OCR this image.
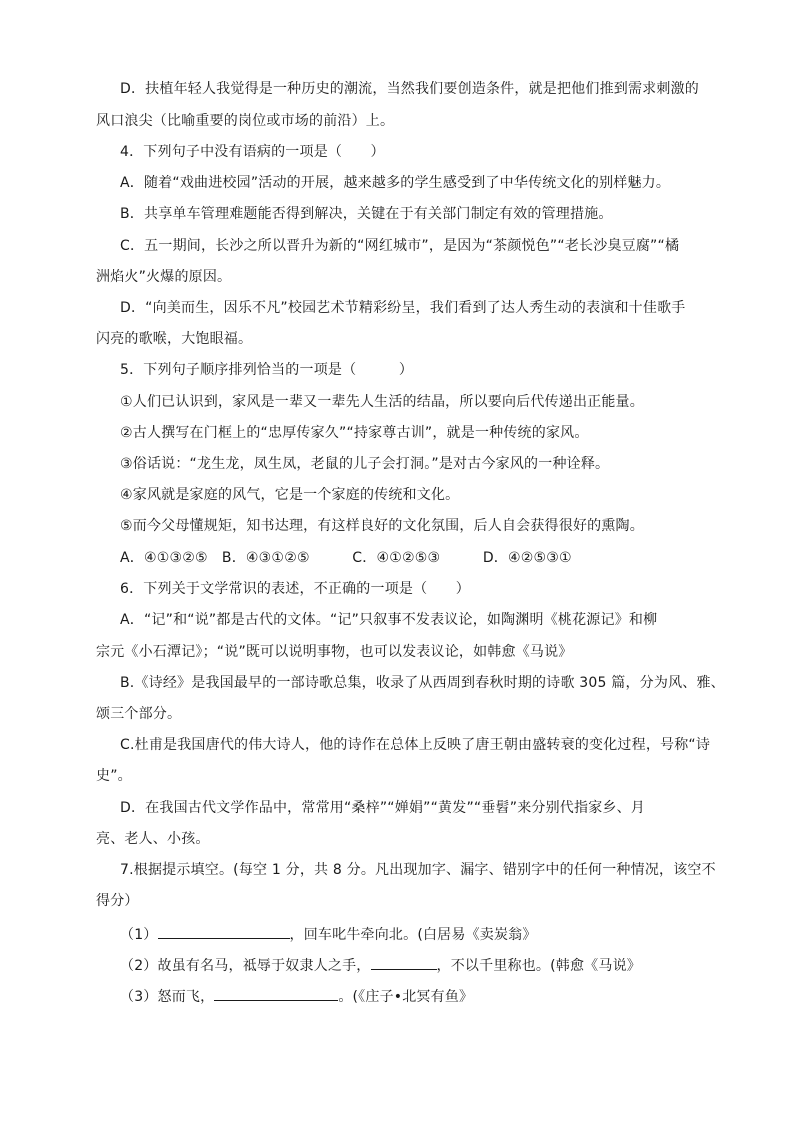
D．扶植年轻人我觉得是一种历史的潮流，当然我们要创造条件，就是把他们推到需求刺激的
风口浪尖（比喻重要的岗位或市场的前沿）上。
4．下列句子中没有语病的一项是（　　）
A．随着“戏曲进校园”活动的开展，越来越多的学生感受到了中华传统文化的别样魅力。
B．共享单车管理难题能否得到解决，关键在于有关部门制定有效的管理措施。
C．五一期间，长沙之所以晋升为新的“网红城市”，是因为“茶颜悦色”“老长沙臭豆腐”“橘
洲焰火”火爆的原因。
D．“向美而生，因乐不凡”校园艺术节精彩纷呈，我们看到了达人秀生动的表演和十佳歌手
闪亮的歌喉，大饱眼福。
5．下列句子顺序排列恰当的一项是（　　　）
①人们已认识到，家风是一辈又一辈先人生活的结晶，所以要向后代传递出正能量。
②古人撰写在门框上的“忠厚传家久”“持家尊古训”，就是一种传统的家风。
③俗话说：“龙生龙，凤生凤，老鼠的儿子会打洞。”是对古今家风的一种诠释。
④家风就是家庭的风气，它是一个家庭的传统和文化。
⑤而今父母懂规矩，知书达理，有这样良好的文化氛围，后人自会获得很好的熏陶。
A．④①③②⑤　B．④③①②⑤　　　C．④①②⑤③　　　D．④②⑤③①
6．下列关于文学常识的表述，不正确的一项是（　　）
A．“记”和“说”都是古代的文体。“记”只叙事不发表议论，如陶渊明《桃花源记》和柳
宗元《小石潭记》；“说”既可以说明事物，也可以发表议论，如韩愈《马说》
B.《诗经》是我国最早的一部诗歌总集，收录了从西周到春秋时期的诗歌 305 篇，分为风、雅、
颂三个部分。
C.杜甫是我国唐代的伟大诗人，他的诗作在总体上反映了唐王朝由盛转衰的变化过程，号称“诗
史”。
D．在我国古代文学作品中，常常用“桑梓”“婵娟”“黄发”“垂髫”来分别代指家乡、月
亮、老人、小孩。
7.根据提示填空。(每空 1 分，共 8 分。凡出现加字、漏字、错别字中的任何一种情况，该空不
得分）
（1）	，回车叱牛牵向北。(白居易《卖炭翁》
（2）故虽有名马，祗辱于奴隶人之手，	，不以千里称也。(韩愈《马说》
（3）怒而飞，	。(《庄子•北冥有鱼》
